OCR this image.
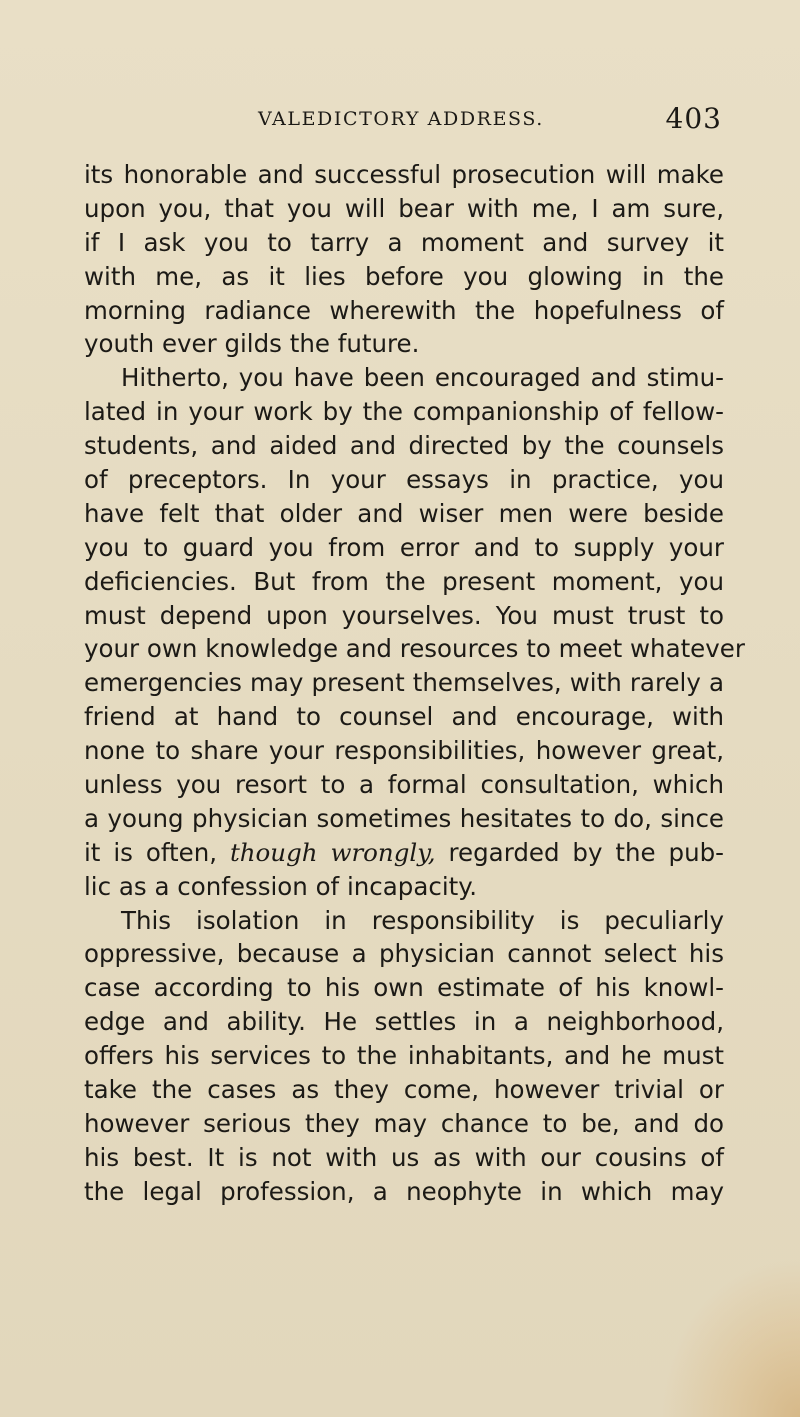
VALEDICTORY ADDRESS.	403
its honorable and successful prosecution will make
upon you, that you will bear with me, I am sure,
if I ask you to tarry a moment and survey it
with me, as it lies before you glowing in the
morning radiance wherewith the hopefulness of
youth ever gilds the future.
Hitherto, you have been encouraged and stimu-
lated in your work by the companionship of fellow-
students, and aided and directed by the counsels
of preceptors. In your essays in practice, you
have felt that older and wiser men were beside
you to guard you from error and to supply your
deficiencies. But from the present moment, you
must depend upon yourselves. You must trust to
your own knowledge and resources to meet whatever
emergencies may present themselves, with rarely a
friend at hand to counsel and encourage, with
none to share your responsibilities, however great,
unless you resort to a formal consultation, which
a young physician sometimes hesitates to do, since
it is often, though wrongly, regarded by the pub-
lic as a confession of incapacity.
This isolation in responsibility is peculiarly
oppressive, because a physician cannot select his
case according to his own estimate of his knowl-
edge and ability. He settles in a neighborhood,
offers his services to the inhabitants, and he must
take the cases as they come, however trivial or
however serious they may chance to be, and do
his best. It is not with us as with our cousins of
the legal profession, a neophyte in which may
